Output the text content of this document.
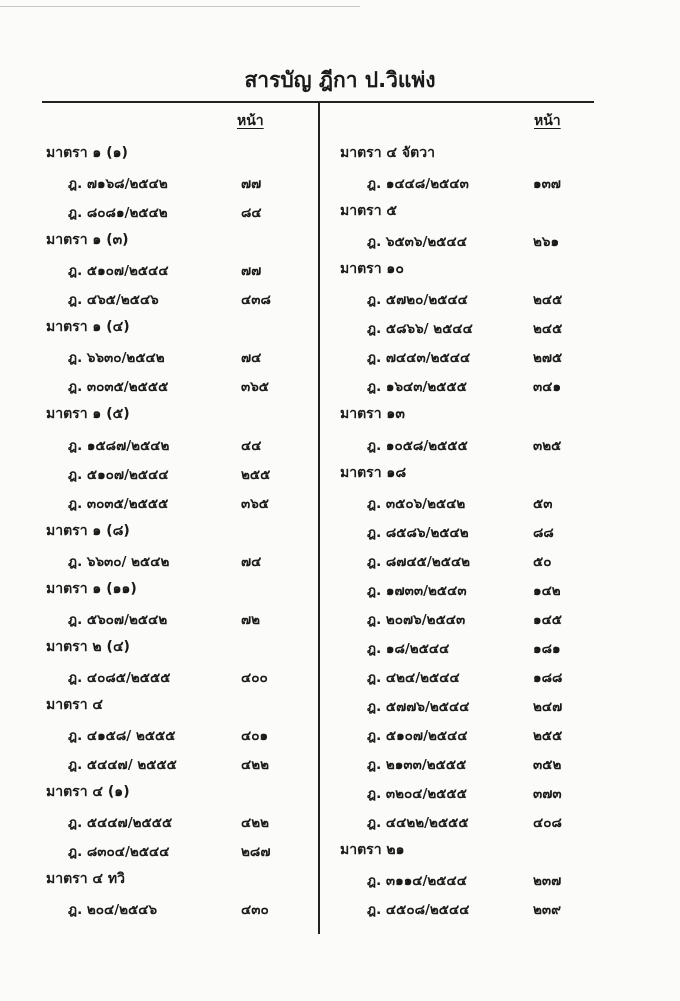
สารบัญ ฎีกา ป.วิแพ่ง
หน้า	หน้า
มาตรา ๑ (๑)
ฎ. ๗๑๖๘/๒๕๔๒	๗๗
ฎ. ๘๐๘๑/๒๕๔๒	๘๔
มาตรา ๑ (๓)
ฎ. ๕๑๐๗/๒๕๔๔	๗๗
ฎ. ๔๖๕/๒๕๔๖	๔๓๘
มาตรา ๑ (๔)
ฎ. ๖๖๓๐/๒๕๔๒	๗๔
ฎ. ๓๐๓๕/๒๕๕๕	๓๖๕
มาตรา ๑ (๕)
ฎ. ๑๕๘๗/๒๕๔๒	๔๔
ฎ. ๕๑๐๗/๒๕๔๔	๒๕๕
ฎ. ๓๐๓๕/๒๕๕๕	๓๖๕
มาตรา ๑ (๘)
ฎ. ๖๖๓๐/ ๒๕๔๒	๗๔
มาตรา ๑ (๑๑)
ฎ. ๕๖๐๗/๒๕๔๒	๗๒
มาตรา ๒ (๔)
ฎ. ๔๐๘๕/๒๕๕๕	๔๐๐
มาตรา ๔
ฎ. ๔๑๕๘/ ๒๕๕๕	๔๐๑
ฎ. ๕๔๔๗/ ๒๕๕๕	๔๒๒
มาตรา ๔ (๑)
ฎ. ๕๔๔๗/๒๕๕๕	๔๒๒
ฎ. ๘๓๐๔/๒๕๔๔	๒๘๗
มาตรา ๔ ทวิ
ฎ. ๒๐๔/๒๕๔๖	๔๓๐
มาตรา ๔ จัตวา
ฎ. ๑๔๔๘/๒๕๔๓	๑๓๗
มาตรา ๕
ฎ. ๖๕๓๖/๒๕๔๔	๒๖๑
มาตรา ๑๐
ฎ. ๕๗๒๐/๒๕๔๔	๒๔๕
ฎ. ๕๘๖๖/ ๒๕๔๔	๒๔๕
ฎ. ๗๔๔๓/๒๕๔๔	๒๗๕
ฎ. ๑๖๔๓/๒๕๕๕	๓๔๑
มาตรา ๑๓
ฎ. ๑๐๕๘/๒๕๕๕	๓๒๕
มาตรา ๑๘
ฎ. ๓๕๐๖/๒๕๔๒	๕๓
ฎ. ๘๕๘๖/๒๕๔๒	๘๘
ฎ. ๘๗๔๕/๒๕๔๒	๕๐
ฎ. ๑๗๓๓/๒๕๔๓	๑๔๒
ฎ. ๒๐๗๖/๒๕๔๓	๑๔๕
ฎ. ๑๘/๒๕๔๔	๑๘๑
ฎ. ๔๒๔/๒๕๔๔	๑๘๘
ฎ. ๕๗๗๖/๒๕๔๔	๒๔๗
ฎ. ๕๑๐๗/๒๕๔๔	๒๕๕
ฎ. ๒๑๓๓/๒๕๕๕	๓๕๒
ฎ. ๓๒๐๔/๒๕๕๕	๓๗๓
ฎ. ๔๔๒๒/๒๕๕๕	๔๐๘
มาตรา ๒๑
ฎ. ๓๑๑๔/๒๕๔๔	๒๓๗
ฎ. ๔๕๐๘/๒๕๔๔	๒๓๙
